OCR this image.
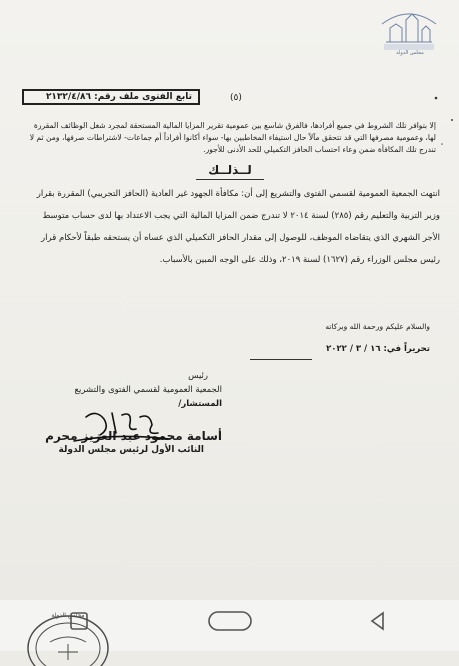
مجلس الدولة
تابع الفتوى ملف رقم: ٢١٣٢/٤/٨٦	(٥)
إلا بتوافر تلك الشروط في جميع أفرادها، فالفرق شاسع بين عمومية تقرير المزايا المالية المستحقة لمجرد شغل الوظائف المقررة لها، وعمومية مصرفها التي قد تتحقق مآلاً حال استيفاء المخاطبين بها- سواء أكانوا أفراداً أم جماعات- لاشتراطات صرفها، ومن ثم لا تندرج تلك المكافأة ضمن وعاء احتساب الحافز التكميلي للحد الأدنى للأجور.
لــذلــك
انتهت الجمعية العمومية لقسمي الفتوى والتشريع إلى أن: مكافأة الجهود غير العادية (الحافز التجريبي) المقررة بقرار وزير التربية والتعليم رقم (٢٨٥) لسنة ٢٠١٤ لا تندرج ضمن المزايا المالية التي يجب الاعتداد بها لدى حساب متوسط الأجر الشهري الذي يتقاضاه الموظف، للوصول إلى مقدار الحافز التكميلي الذي عساه أن يستحقه طبقاً لأحكام قرار رئيس مجلس الوزراء رقم (١٦٢٧) لسنة ٢٠١٩، وذلك على الوجه المبين بالأسباب.
والسلام عليكم ورحمة الله وبركاته
تحريراً في: ١٦ / ٣ / ٢٠٢٢
رئيس
الجمعية العمومية لقسمي الفتوى والتشريع
المستشار/
أسامة محمود عبد العزيز محرم
النائب الأول لرئيس مجلس الدولة
مجلس الدولة
